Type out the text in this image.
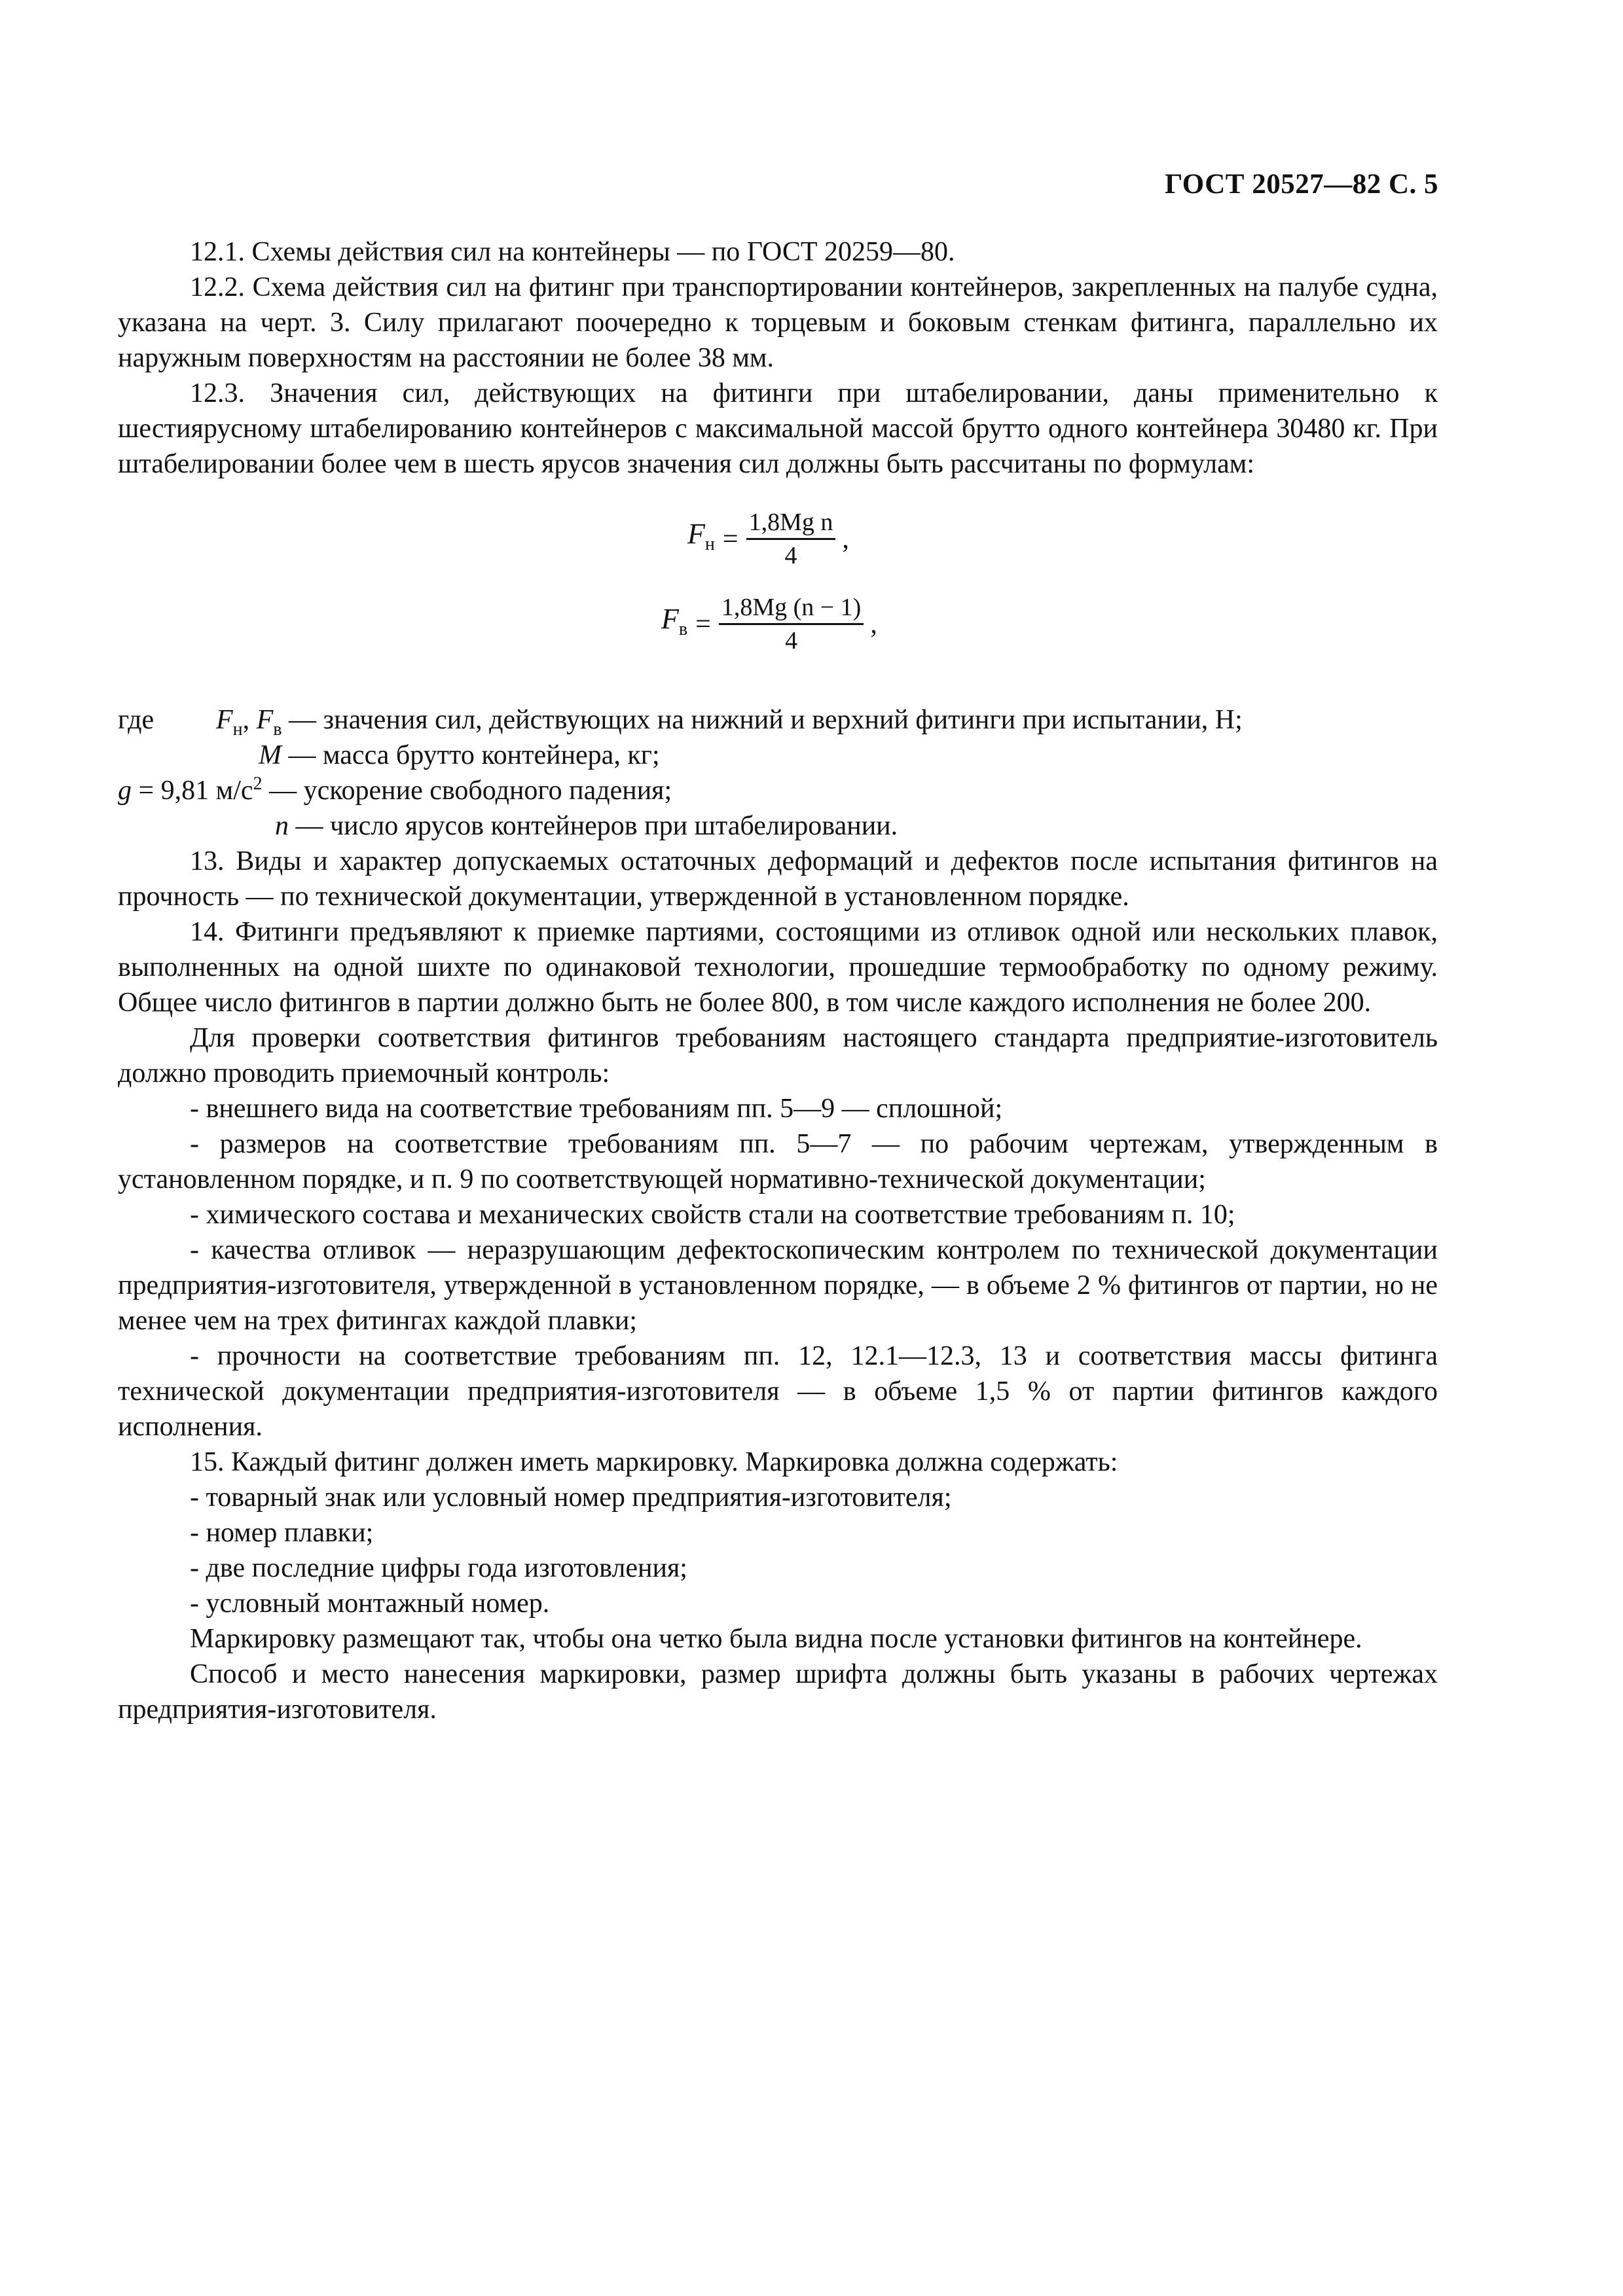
ГОСТ 20527—82 С. 5

12.1. Схемы действия сил на контейнеры — по ГОСТ 20259—80.

12.2. Схема действия сил на фитинг при транспортировании контейнеров, закрепленных на палубе судна, указана на черт. 3. Силу прилагают поочередно к торцевым и боковым стенкам фитинга, параллельно их наружным поверхностям на расстоянии не более 38 мм.

12.3. Значения сил, действующих на фитинги при штабелировании, даны применительно к шестиярусному штабелированию контейнеров с максимальной массой брутто одного контейнера 30480 кг. При штабелировании более чем в шесть ярусов значения сил должны быть рассчитаны по формулам:

$F_н = \frac{\text{1,8Mg n}}{4}$ ,
$F_в = \frac{1,8Mg (n - 1)}{4}$ ,
где $F_н$, $F_в$ — значения сил, действующих на нижний и верхний фитинги при испытании, Н;
M — масса брутто контейнера, кг;
g = 9,81 $м/с^2$ — ускорение свободного падения;
n — число ярусов контейнеров при штабелировании.

13. Виды и характер допускаемых остаточных деформаций и дефектов после испытания фитингов на прочность — по технической документации, утвержденной в установленном порядке.

14. Фитинги предъявляют к приемке партиями, состоящими из отливок одной или нескольких плавок, выполненных на одной шихте по одинаковой технологии, прошедшие термообработку по одному режиму. Общее число фитингов в партии должно быть не более 800, в том числе каждого исполнения не более 200.

Для проверки соответствия фитингов требованиям настоящего стандарта предприятие-изготовитель должно проводить приемочный контроль:

- внешнего вида на соответствие требованиям пп. 5—9 — сплошной;

- размеров на соответствие требованиям пп. 5—7 — по рабочим чертежам, утвержденным в установленном порядке, и п. 9 по соответствующей нормативно-технической документации;

- химического состава и механических свойств стали на соответствие требованиям п. 10;

- качества отливок — неразрушающим дефектоскопическим контролем по технической документации предприятия-изготовителя, утвержденной в установленном порядке, — в объеме 2 % фитингов от партии, но не менее чем на трех фитингах каждой плавки;

- прочности на соответствие требованиям пп. 12, 12.1—12.3, 13 и соответствия массы фитинга технической документации предприятия-изготовителя — в объеме 1,5 % от партии фитингов каждого исполнения.

15. Каждый фитинг должен иметь маркировку. Маркировка должна содержать:

- товарный знак или условный номер предприятия-изготовителя;

- номер плавки;

- две последние цифры года изготовления;

- условный монтажный номер.

Маркировку размещают так, чтобы она четко была видна после установки фитингов на контейнере.

Способ и место нанесения маркировки, размер шрифта должны быть указаны в рабочих чертежах предприятия-изготовителя.
